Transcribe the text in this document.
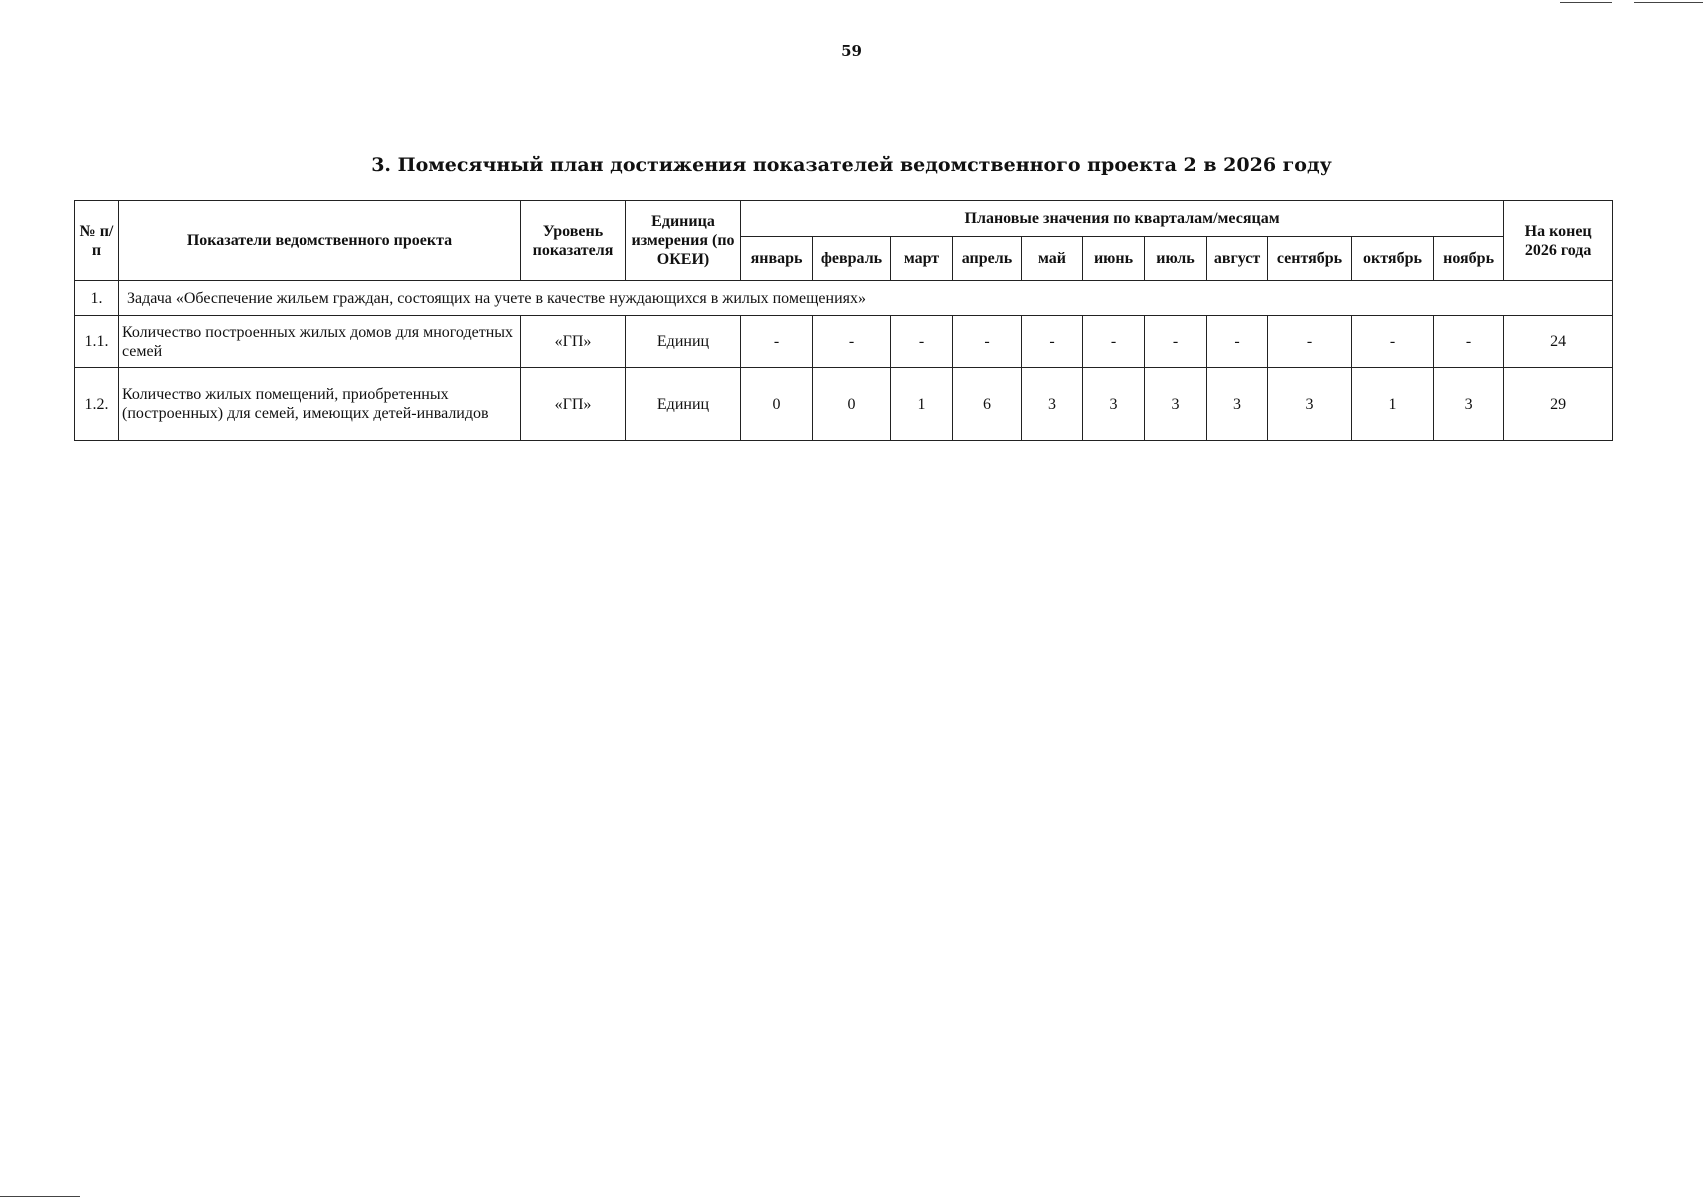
59
3. Помесячный план достижения показателей ведомственного проекта 2 в 2026 году
№ п/п	Показатели ведомственного проекта	Уровень показателя	Единица измерения (по ОКЕИ)	Плановые значения по кварталам/месяцам											На конец 2026 года
				январь	февраль	март	апрель	май	июнь	июль	август	сентябрь	октябрь	ноябрь	
1.	Задача «Обеспечение жильем граждан, состоящих на учете в качестве нуждающихся в жилых помещениях»														
1.1.	Количество построенных жилых домов для многодетных семей	«ГП»	Единиц	-	-	-	-	-	-	-	-	-	-	-	24
1.2.	Количество жилых помещений, приобретенных (построенных) для семей, имеющих детей-инвалидов	«ГП»	Единиц	0	0	1	6	3	3	3	3	3	1	3	29
